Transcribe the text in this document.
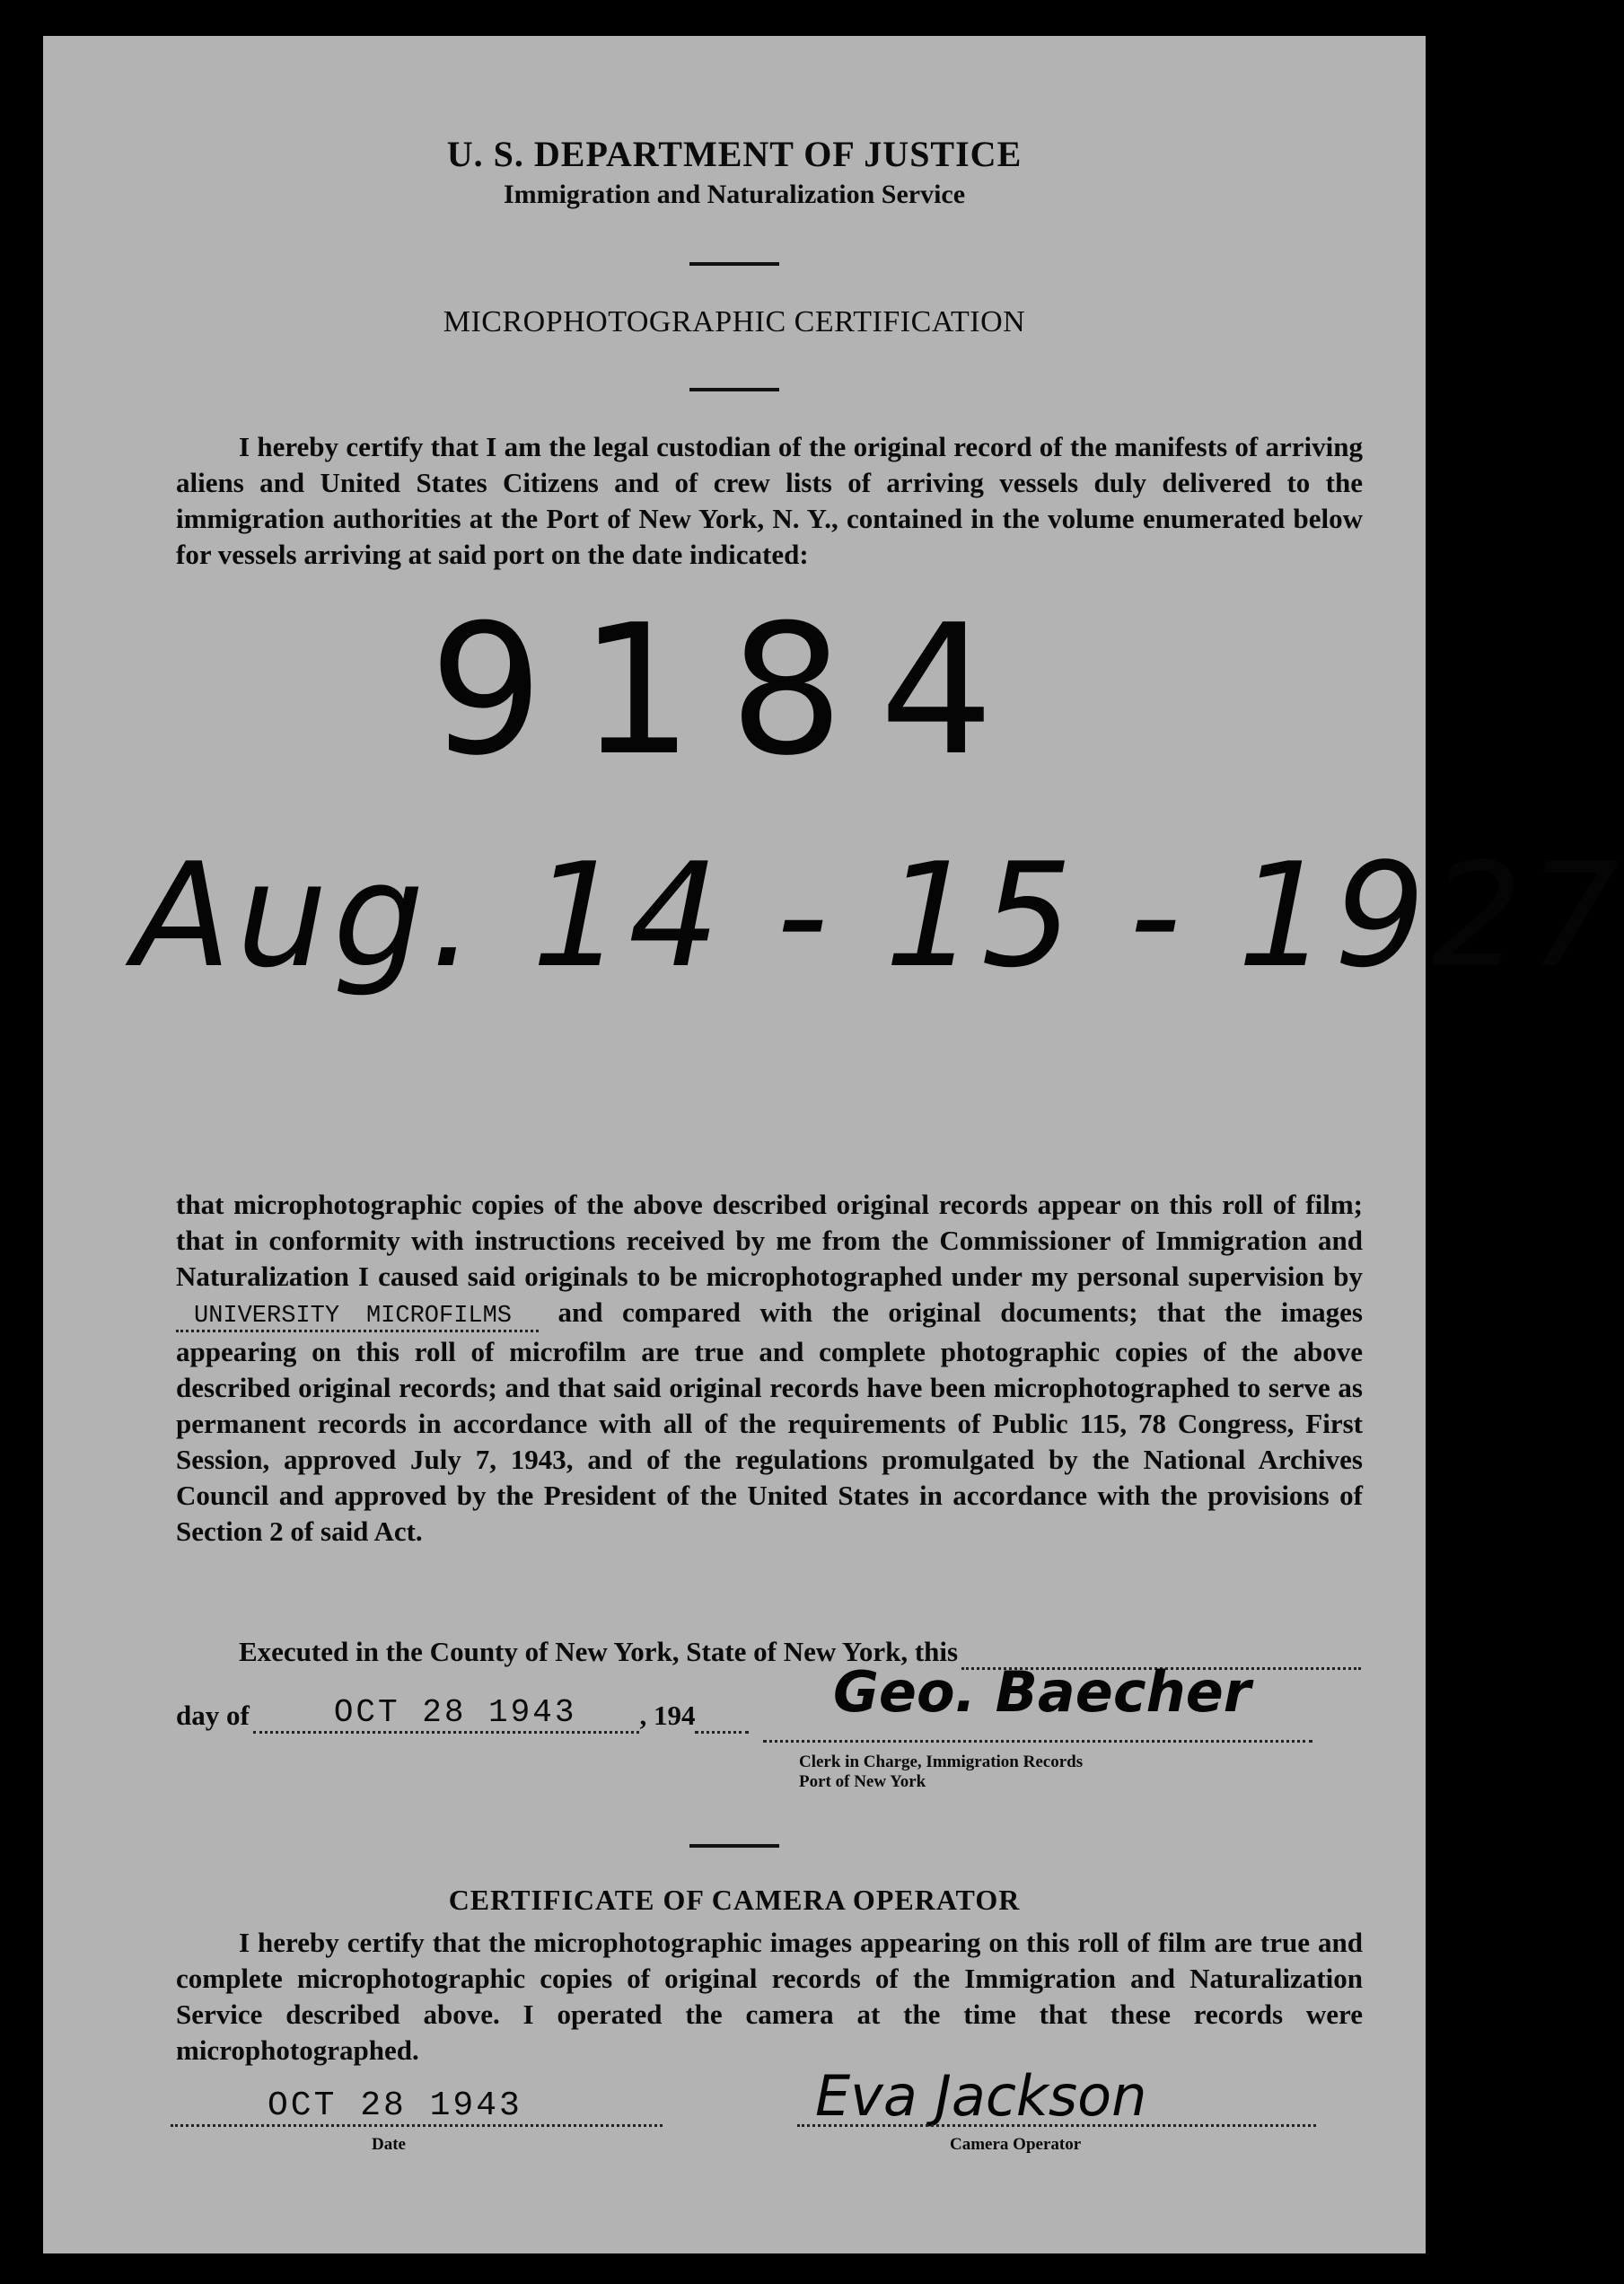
U. S. DEPARTMENT OF JUSTICE
Immigration and Naturalization Service
MICROPHOTOGRAPHIC CERTIFICATION
I hereby certify that I am the legal custodian of the original record of the manifests of arriving aliens and United States Citizens and of crew lists of arriving vessels duly delivered to the immigration authorities at the Port of New York, N. Y., contained in the volume enumerated below for vessels arriving at said port on the date indicated:
9184
Aug. 14 - 15 - 1927
that microphotographic copies of the above described original records appear on this roll of film; that in conformity with instructions received by me from the Commissioner of Immigration and Naturalization I caused said originals to be microphotographed under my personal supervision by UNIVERSITY MICROFILMS and compared with the original documents; that the images appearing on this roll of microfilm are true and complete photographic copies of the above described original records; and that said original records have been microphotographed to serve as permanent records in accordance with all of the requirements of Public 115, 78 Congress, First Session, approved July 7, 1943, and of the regulations promulgated by the National Archives Council and approved by the President of the United States in accordance with the provisions of Section 2 of said Act.
Executed in the County of New York, State of New York, this
day of	OCT 28 1943	, 194 Geo. Baecher
Clerk in Charge, Immigration Records
Port of New York
CERTIFICATE OF CAMERA OPERATOR
I hereby certify that the microphotographic images appearing on this roll of film are true and complete microphotographic copies of original records of the Immigration and Naturalization Service described above. I operated the camera at the time that these records were microphotographed.
OCT 28 1943
Date
Eva Jackson
Camera Operator
